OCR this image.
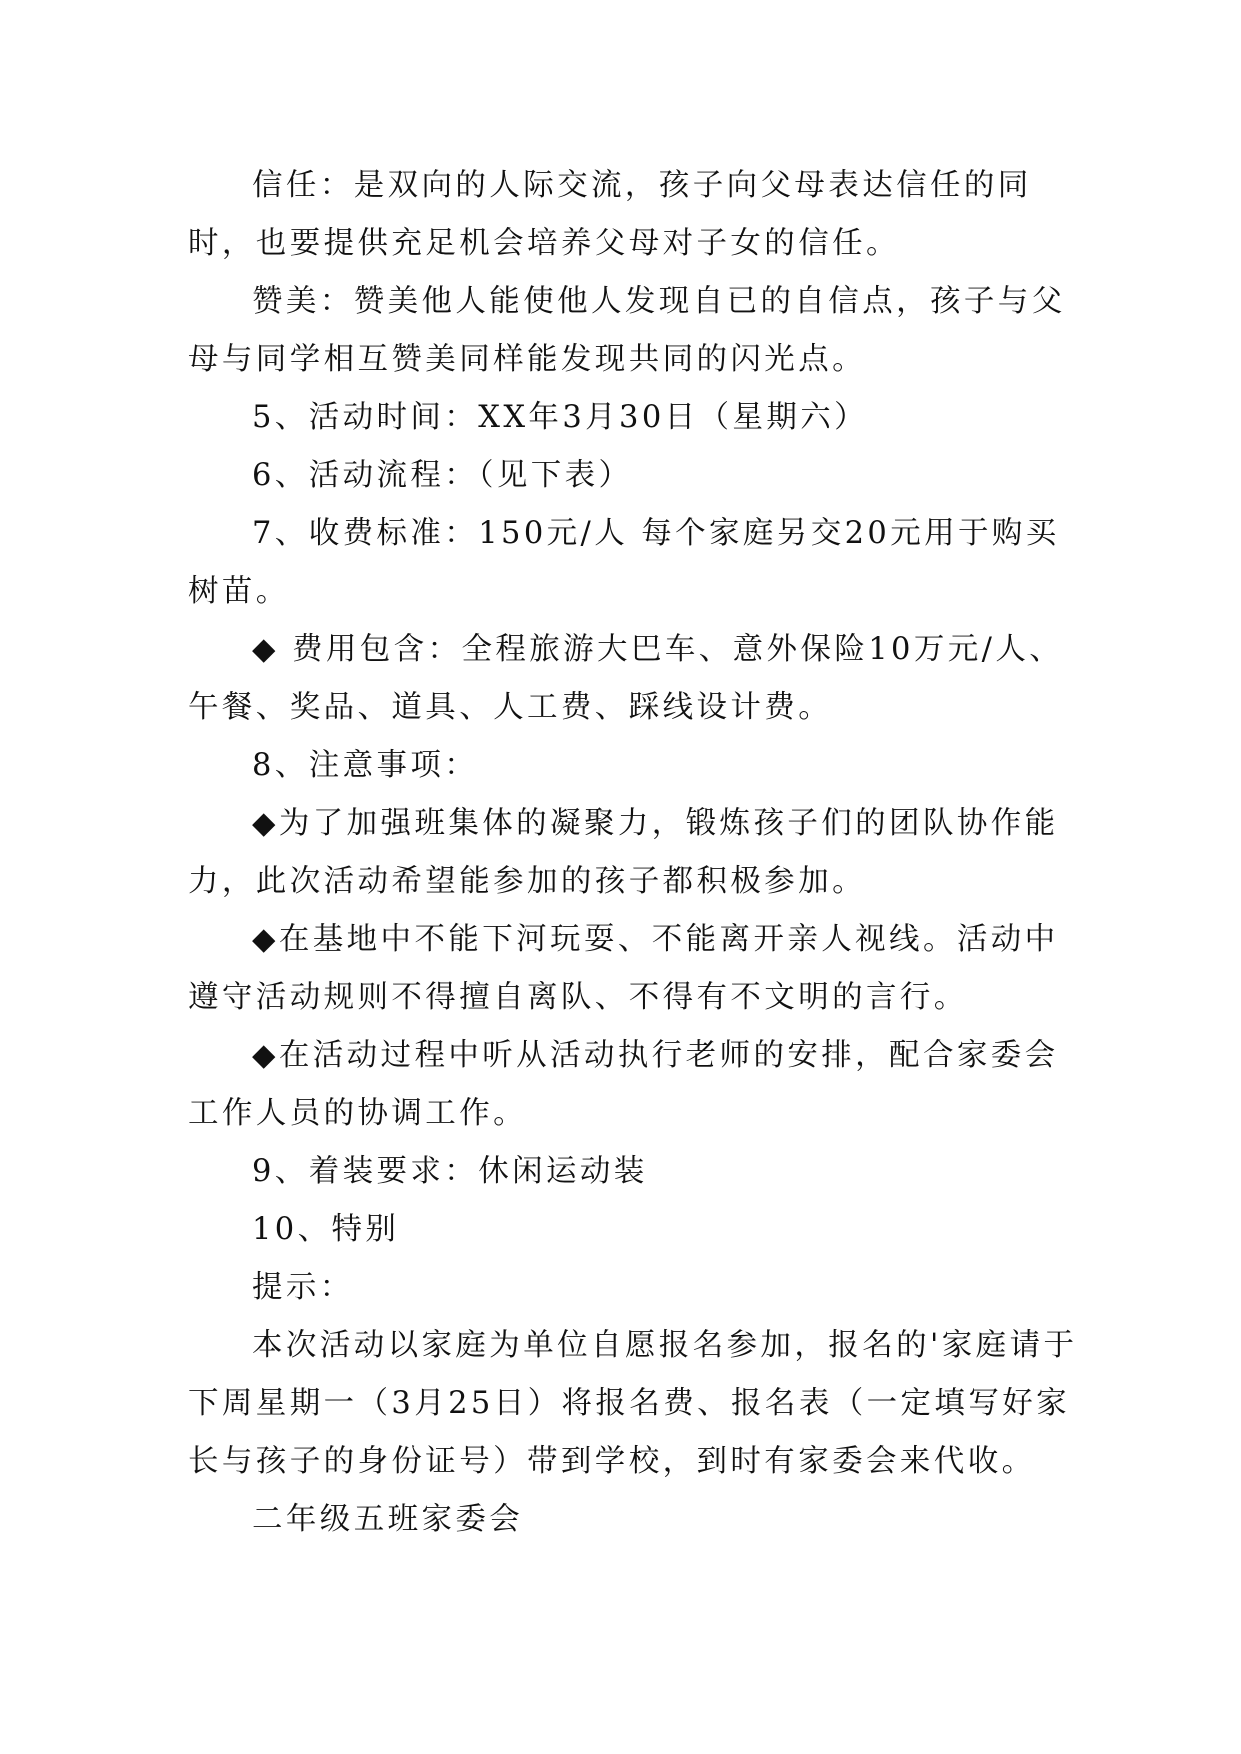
信任：是双向的人际交流，孩子向父母表达信任的同时，也要提供充足机会培养父母对子女的信任。

赞美：赞美他人能使他人发现自已的自信点，孩子与父母与同学相互赞美同样能发现共同的闪光点。

5、活动时间：XX年3月30日（星期六）

6、活动流程：（见下表）

7、收费标准：150元/人 每个家庭另交20元用于购买树苗。

◆ 费用包含：全程旅游大巴车、意外保险10万元/人、午餐、奖品、道具、人工费、踩线设计费。

8、注意事项：

◆为了加强班集体的凝聚力，锻炼孩子们的团队协作能力，此次活动希望能参加的孩子都积极参加。

◆在基地中不能下河玩耍、不能离开亲人视线。活动中遵守活动规则不得擅自离队、不得有不文明的言行。

◆在活动过程中听从活动执行老师的安排，配合家委会工作人员的协调工作。

9、着装要求：休闲运动装

10、特别

提示：

本次活动以家庭为单位自愿报名参加，报名的'家庭请于下周星期一（3月25日）将报名费、报名表（一定填写好家长与孩子的身份证号）带到学校，到时有家委会来代收。

二年级五班家委会
